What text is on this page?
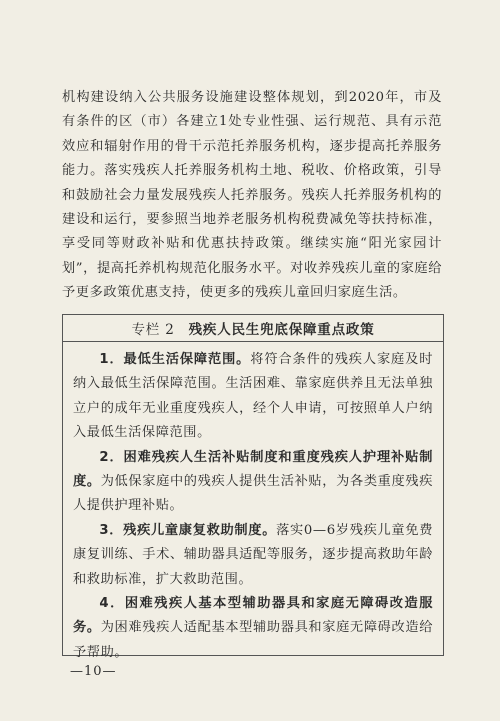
机构建设纳入公共服务设施建设整体规划，到2020年，市及有条件的区（市）各建立1处专业性强、运行规范、具有示范效应和辐射作用的骨干示范托养服务机构，逐步提高托养服务能力。落实残疾人托养服务机构土地、税收、价格政策，引导和鼓励社会力量发展残疾人托养服务。残疾人托养服务机构的建设和运行，要参照当地养老服务机构税费减免等扶持标准，享受同等财政补贴和优惠扶持政策。继续实施“阳光家园计划”，提高托养机构规范化服务水平。对收养残疾儿童的家庭给予更多政策优惠支持，使更多的残疾儿童回归家庭生活。

专栏 2 残疾人民生兜底保障重点政策

1．最低生活保障范围。将符合条件的残疾人家庭及时纳入最低生活保障范围。生活困难、靠家庭供养且无法单独立户的成年无业重度残疾人，经个人申请，可按照单人户纳入最低生活保障范围。

2．困难残疾人生活补贴制度和重度残疾人护理补贴制度。为低保家庭中的残疾人提供生活补贴，为各类重度残疾人提供护理补贴。

3．残疾儿童康复救助制度。落实0—6岁残疾儿童免费康复训练、手术、辅助器具适配等服务，逐步提高救助年龄和救助标准，扩大救助范围。

4．困难残疾人基本型辅助器具和家庭无障碍改造服务。为困难残疾人适配基本型辅助器具和家庭无障碍改造给予帮助。

—10—
